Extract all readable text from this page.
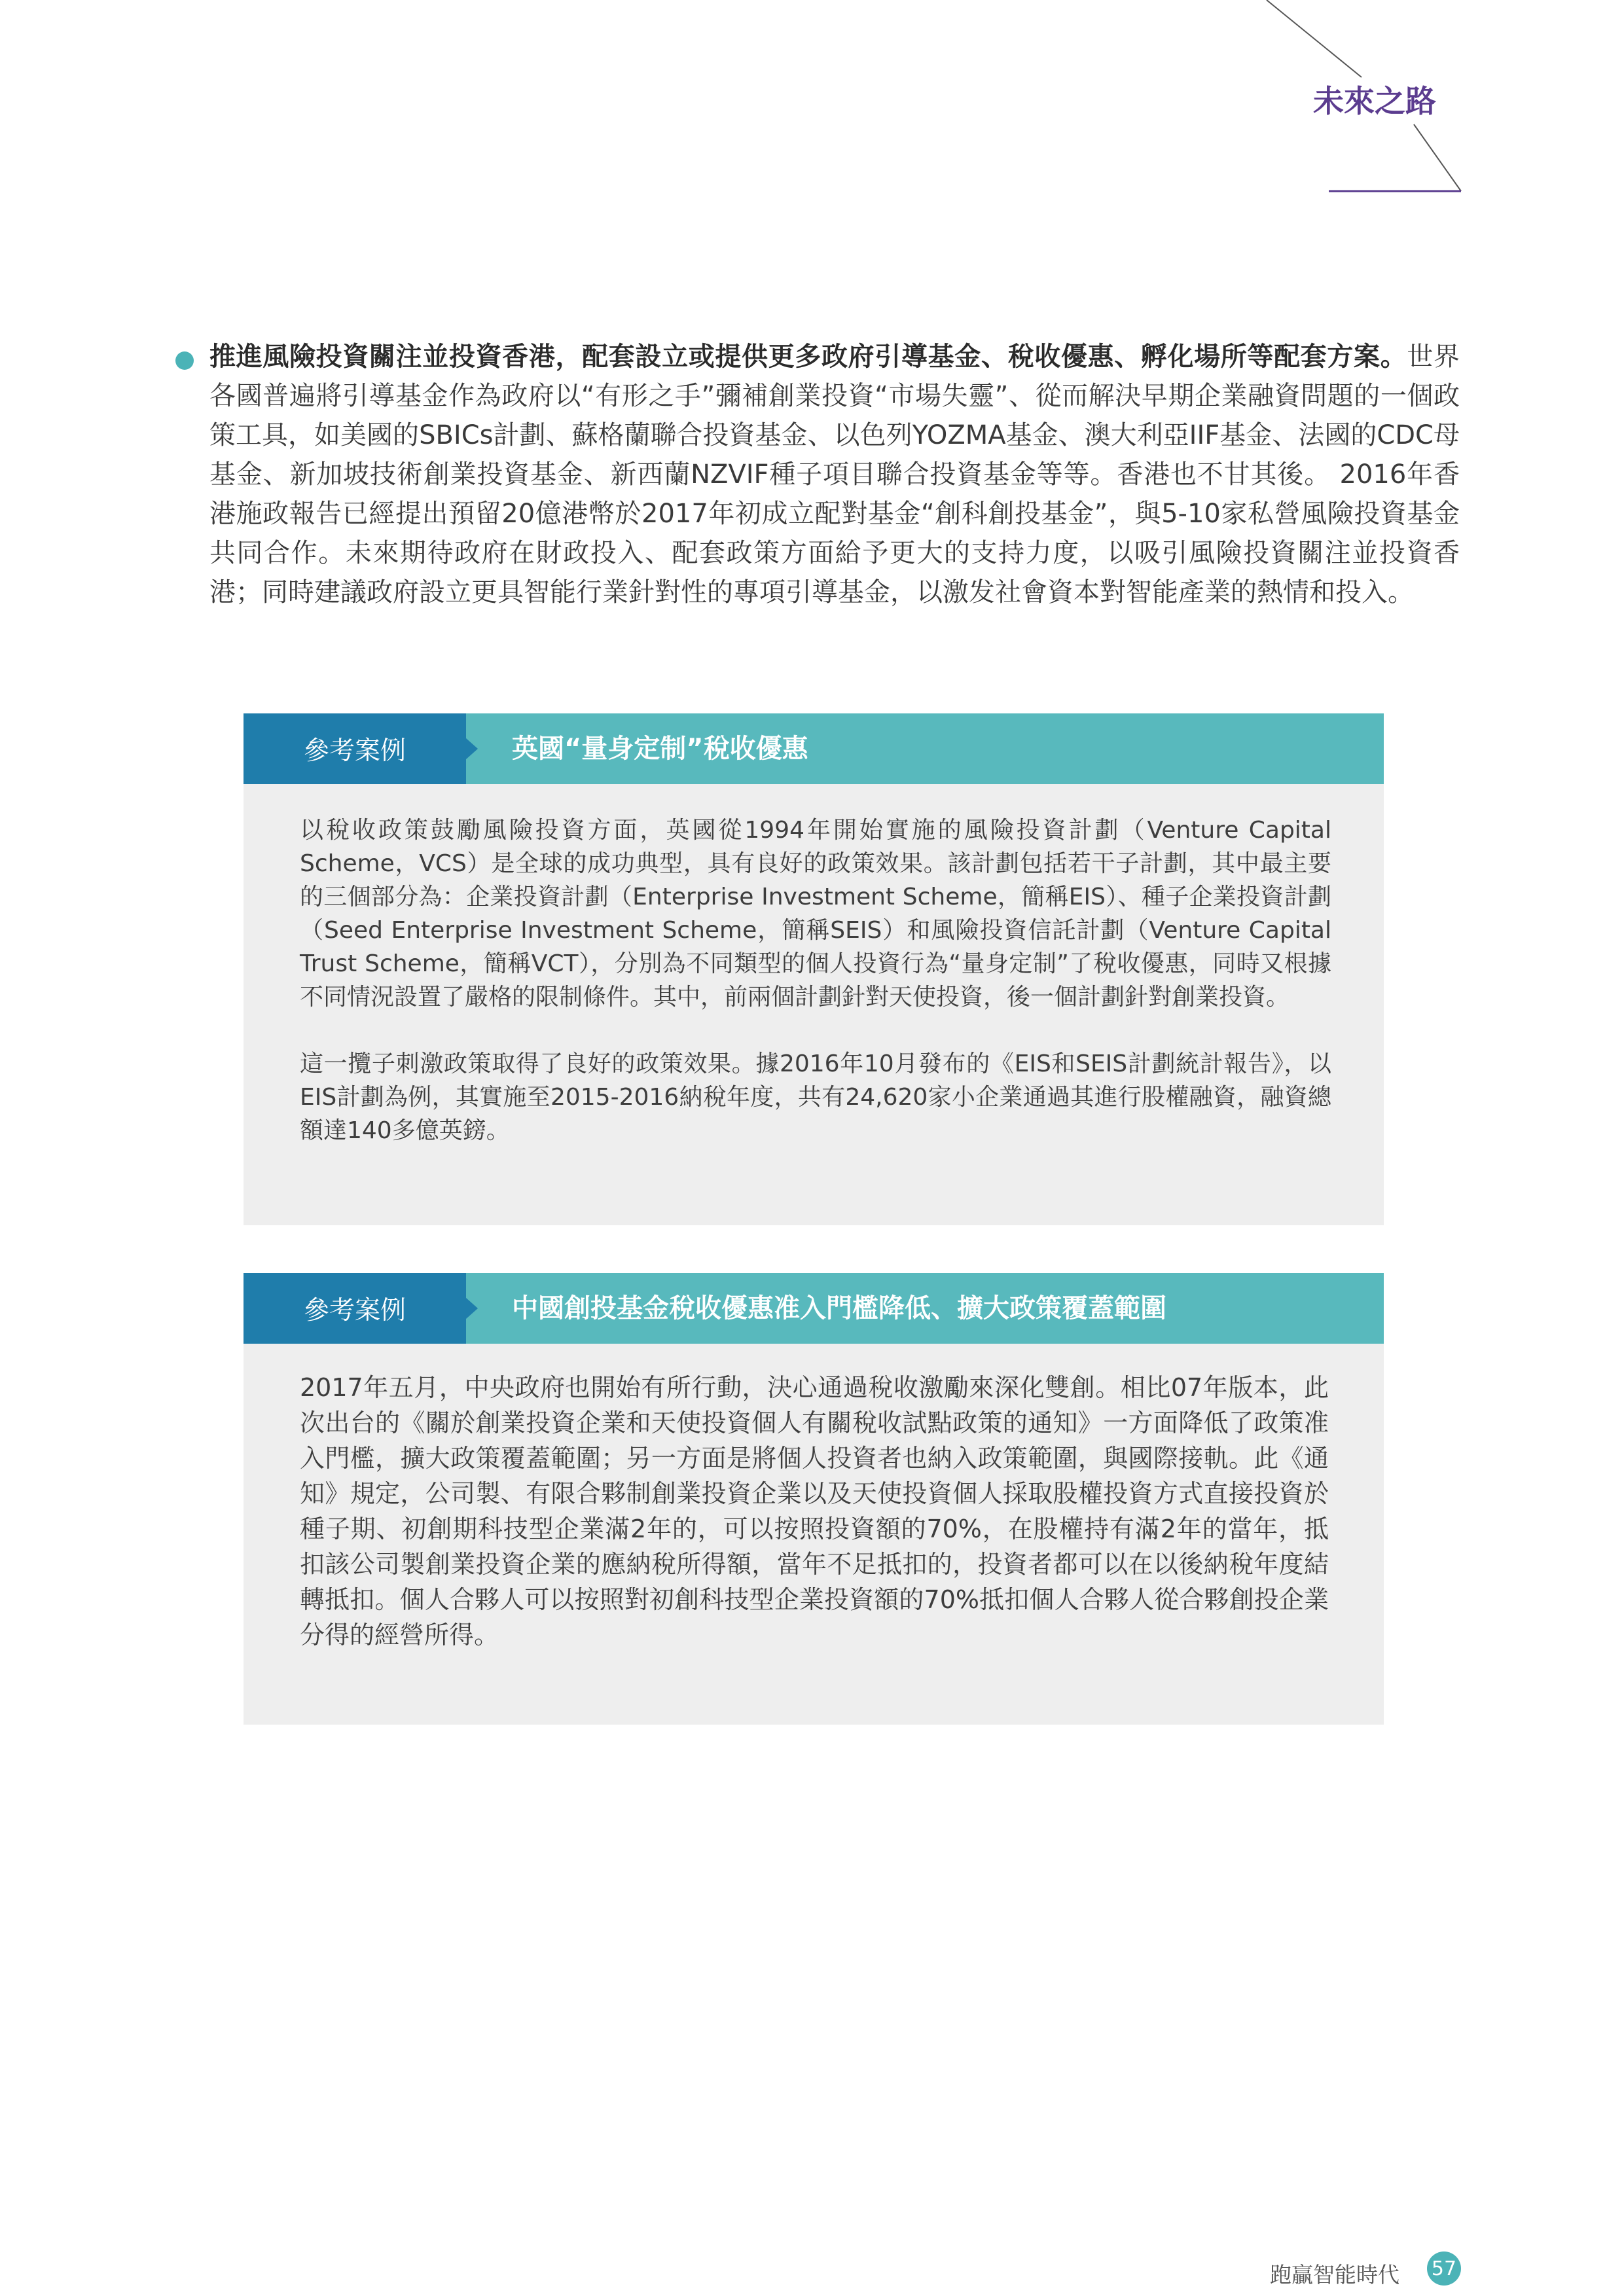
未來之路

推進風險投資關注並投資香港，配套設立或提供更多政府引導基金、稅收優惠、孵化場所等配套方案。世界各國普遍將引導基金作為政府以“有形之手”彌補創業投資“市場失靈”、從而解決早期企業融資問題的一個政策工具，如美國的SBICs計劃、蘇格蘭聯合投資基金、以色列YOZMA基金、澳大利亞IIF基金、法國的CDC母基金、新加坡技術創業投資基金、新西蘭NZVIF種子項目聯合投資基金等等。香港也不甘其後。 2016年香港施政報告已經提出預留20億港幣於2017年初成立配對基金“創科創投基金”，與5-10家私營風險投資基金共同合作。未來期待政府在財政投入、配套政策方面給予更大的支持力度，以吸引風險投資關注並投資香港；同時建議政府設立更具智能行業針對性的專項引導基金，以激发社會資本對智能產業的熱情和投入。

參考案例	英國“量身定制”稅收優惠

以稅收政策鼓勵風險投資方面，英國從1994年開始實施的風險投資計劃（Venture Capital Scheme，VCS）是全球的成功典型，具有良好的政策效果。該計劃包括若干子計劃，其中最主要的三個部分為：企業投資計劃（Enterprise Investment Scheme，簡稱EIS）、種子企業投資計劃（Seed Enterprise Investment Scheme，簡稱SEIS）和風險投資信託計劃（Venture Capital Trust Scheme，簡稱VCT），分別為不同類型的個人投資行為“量身定制”了稅收優惠，同時又根據不同情況設置了嚴格的限制條件。其中，前兩個計劃針對天使投資，後一個計劃針對創業投資。

這一攬子刺激政策取得了良好的政策效果。據2016年10月發布的《EIS和SEIS計劃統計報告》，以EIS計劃為例，其實施至2015-2016納稅年度，共有24,620家小企業通過其進行股權融資，融資總額達140多億英鎊。

參考案例	中國創投基金稅收優惠准入門檻降低、擴大政策覆蓋範圍

2017年五月，中央政府也開始有所行動，決心通過稅收激勵來深化雙創。相比07年版本，此次出台的《關於創業投資企業和天使投資個人有關稅收試點政策的通知》一方面降低了政策准入門檻，擴大政策覆蓋範圍；另一方面是將個人投資者也納入政策範圍，與國際接軌。此《通知》規定，公司製、有限合夥制創業投資企業以及天使投資個人採取股權投資方式直接投資於種子期、初創期科技型企業滿2年的，可以按照投資額的70%，在股權持有滿2年的當年，抵扣該公司製創業投資企業的應納稅所得額，當年不足抵扣的，投資者都可以在以後納稅年度結轉抵扣。個人合夥人可以按照對初創科技型企業投資額的70%抵扣個人合夥人從合夥創投企業分得的經營所得。

跑贏智能時代 57
